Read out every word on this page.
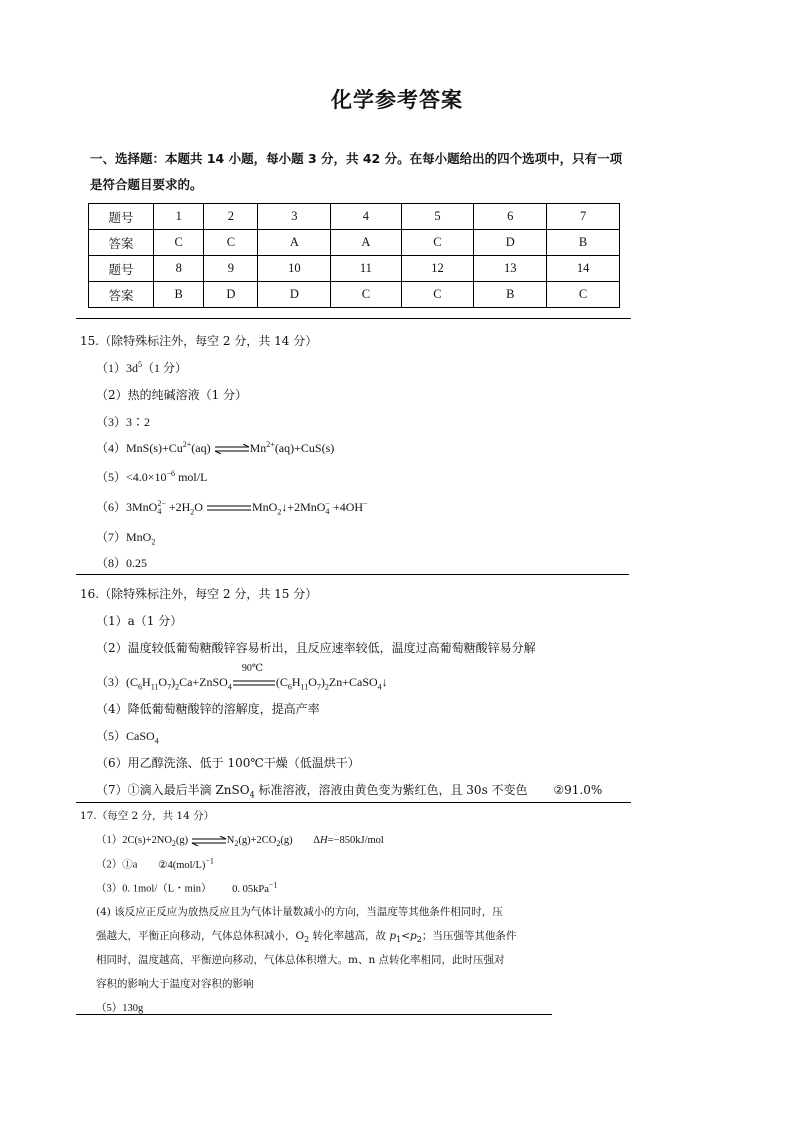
化学参考答案
一、选择题：本题共 14 小题，每小题 3 分，共 42 分。在每小题给出的四个选项中，只有一项
是符合题目要求的。
题号	1	2	3	4	5	6	7
答案	C	C	A	A	C	D	B
题号	8	9	10	11	12	13	14
答案	B	D	D	C	C	B	C
15.（除特殊标注外，每空 2 分，共 14 分）
$(1)3d^5(1$ 分）
（2）热的纯碱溶液（1 分）
（3）3∶2
$(4)MnS(s)+Cu^{2+}(aq)$ $\rightleftharpoons Mn^{2+}(aq)+CuS(s)$
$(5)<4.0\times 10^{-6}$ mol/L
（6）3MnO 2−
$4 +2H_2O$	MnO$_2$↓+2MnO −
4 +4OH−
（7）MnO$_2$
（8）0.25
16.（除特殊标注外，每空 2 分，共 15 分）
（1）a（1 分）
（2）温度较低葡萄糖酸锌容易析出，且反应速率较低，温度过高葡萄糖酸锌易分解
$(3)(C_6H_{11}O_7)_2Ca+ZnSO_4$
90℃
$(C_6H_{11}O_7)_2Zn+CaSO_4↓$
（4）降低葡萄糖酸锌的溶解度，提高产率
（5）CaSO$_4$
（6）用乙醇洗涤、低于 100℃干燥（低温烘干）
（7）①滴入最后半滴 ZnSO$_4$ 标准溶液，溶液由黄色变为紫红色，且 30s 不变色 ②91.0%
17.（每空 2 分，共 14 分）
$(1)2C(s)+2NO_2(g)$ $\rightleftharpoons N_2(g)+2CO_2(g)$ ΔH=−850kJ/mol
（2）①a $②4(mol/L)^{-1}$
（3）0. 1mol/（L・min） 0. 05kPa$^{-1}$
(4) 该反应正反应为放热反应且为气体计量数减小的方向，当温度等其他条件相同时，压
强越大，平衡正向移动，气体总体积减小，$O_2$ 转化率越高，故 $p_1<p_2$；当压强等其他条件
相同时，温度越高，平衡逆向移动，气体总体积增大。m、n 点转化率相同，此时压强对
容积的影响大于温度对容积的影响
（5）130g
